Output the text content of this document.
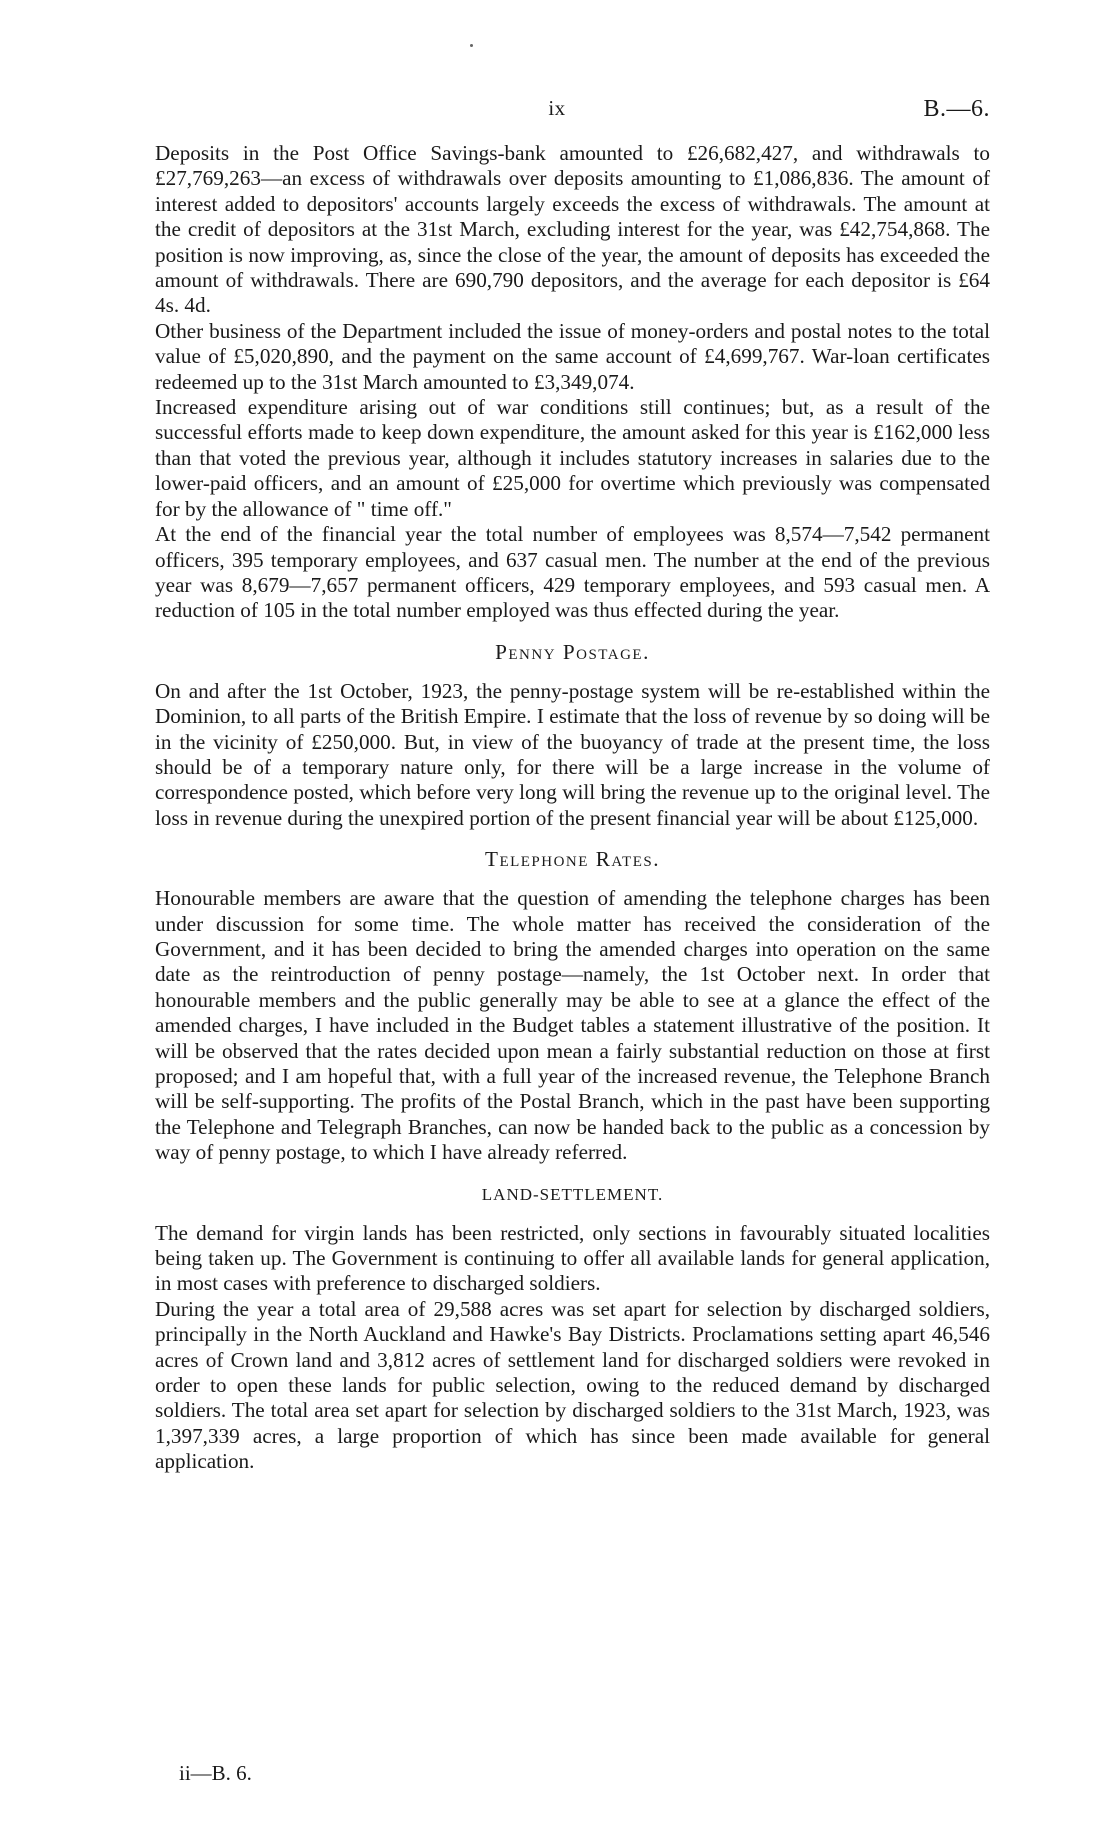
ix	B.—6.

Deposits in the Post Office Savings-bank amounted to £26,682,427, and withdrawals to £27,769,263—an excess of withdrawals over deposits amounting to £1,086,836. The amount of interest added to depositors' accounts largely exceeds the excess of withdrawals. The amount at the credit of depositors at the 31st March, excluding interest for the year, was £42,754,868. The position is now improving, as, since the close of the year, the amount of deposits has exceeded the amount of withdrawals. There are 690,790 depositors, and the average for each depositor is £64 4s. 4d.

Other business of the Department included the issue of money-orders and postal notes to the total value of £5,020,890, and the payment on the same account of £4,699,767. War-loan certificates redeemed up to the 31st March amounted to £3,349,074.

Increased expenditure arising out of war conditions still continues; but, as a result of the successful efforts made to keep down expenditure, the amount asked for this year is £162,000 less than that voted the previous year, although it includes statutory increases in salaries due to the lower-paid officers, and an amount of £25,000 for overtime which previously was compensated for by the allowance of " time off."

At the end of the financial year the total number of employees was 8,574—7,542 permanent officers, 395 temporary employees, and 637 casual men. The number at the end of the previous year was 8,679—7,657 permanent officers, 429 temporary employees, and 593 casual men. A reduction of 105 in the total number employed was thus effected during the year.

Penny Postage.

On and after the 1st October, 1923, the penny-postage system will be re-established within the Dominion, to all parts of the British Empire. I estimate that the loss of revenue by so doing will be in the vicinity of £250,000. But, in view of the buoyancy of trade at the present time, the loss should be of a temporary nature only, for there will be a large increase in the volume of correspondence posted, which before very long will bring the revenue up to the original level. The loss in revenue during the unexpired portion of the present financial year will be about £125,000.

Telephone Rates.

Honourable members are aware that the question of amending the telephone charges has been under discussion for some time. The whole matter has received the consideration of the Government, and it has been decided to bring the amended charges into operation on the same date as the reintroduction of penny postage—namely, the 1st October next. In order that honourable members and the public generally may be able to see at a glance the effect of the amended charges, I have included in the Budget tables a statement illustrative of the position. It will be observed that the rates decided upon mean a fairly substantial reduction on those at first proposed; and I am hopeful that, with a full year of the increased revenue, the Telephone Branch will be self-supporting. The profits of the Postal Branch, which in the past have been supporting the Telephone and Telegraph Branches, can now be handed back to the public as a concession by way of penny postage, to which I have already referred.

LAND-SETTLEMENT.

The demand for virgin lands has been restricted, only sections in favourably situated localities being taken up. The Government is continuing to offer all available lands for general application, in most cases with preference to discharged soldiers.

During the year a total area of 29,588 acres was set apart for selection by discharged soldiers, principally in the North Auckland and Hawke's Bay Districts. Proclamations setting apart 46,546 acres of Crown land and 3,812 acres of settlement land for discharged soldiers were revoked in order to open these lands for public selection, owing to the reduced demand by discharged soldiers. The total area set apart for selection by discharged soldiers to the 31st March, 1923, was 1,397,339 acres, a large proportion of which has since been made available for general application.

ii—B. 6.
